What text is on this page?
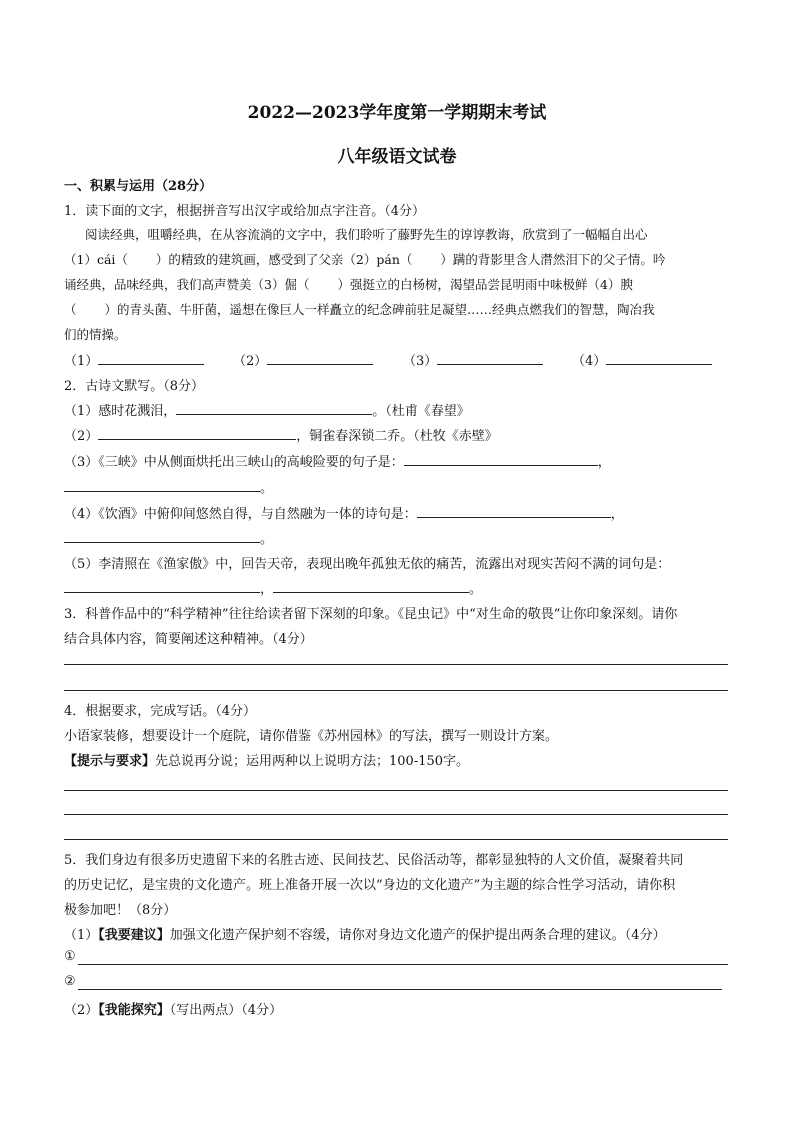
2022—2023学年度第一学期期末考试
八年级语文试卷
一、积累与运用（28分）
1．读下面的文字，根据拼音写出汉字或给加点字注音。（4分）
阅读经典，咀嚼经典，在从容流淌的文字中，我们聆听了藤野先生的谆谆教诲，欣赏到了一幅幅自出心
（1）cái（ ）的精致的建筑画，感受到了父亲（2）pán（ ）蹒的背影里含人潸然泪下的父子情。吟
诵经典，品味经典，我们高声赞美（3）倔（ ）强挺立的白杨树，渴望品尝昆明雨中味极鲜（4）腴
（ ）的青头菌、牛肝菌，遥想在像巨人一样矗立的纪念碑前驻足凝望……经典点燃我们的智慧，陶冶我
们的情操。
（1）	（2）	（3）	（4）
2．古诗文默写。（8分）
（1）感时花溅泪，	。（杜甫《春望》
（2）	，铜雀春深锁二乔。（杜牧《赤壁》
（3）《三峡》中从侧面烘托出三峡山的高峻险要的句子是：	，
。
（4）《饮酒》中俯仰间悠然自得，与自然融为一体的诗句是：	，
。
（5）李清照在《渔家傲》中，回告天帝，表现出晚年孤独无依的痛苦，流露出对现实苦闷不满的词句是：
，	。
3．科普作品中的“科学精神”往往给读者留下深刻的印象。《昆虫记》中“对生命的敬畏”让你印象深刻。请你
结合具体内容，简要阐述这种精神。（4分）
4．根据要求，完成写话。（4分）
小语家装修，想要设计一个庭院，请你借鉴《苏州园林》的写法，撰写一则设计方案。
【提示与要求】先总说再分说；运用两种以上说明方法；100-150字。
5．我们身边有很多历史遗留下来的名胜古迹、民间技艺、民俗活动等，都彰显独特的人文价值，凝聚着共同
的历史记忆，是宝贵的文化遗产。班上准备开展一次以“身边的文化遗产”为主题的综合性学习活动，请你积
极参加吧！（8分）
（1）【我要建议】加强文化遗产保护刻不容缓，请你对身边文化遗产的保护提出两条合理的建议。（4分）
①
②
（2）【我能探究】（写出两点）（4分）
